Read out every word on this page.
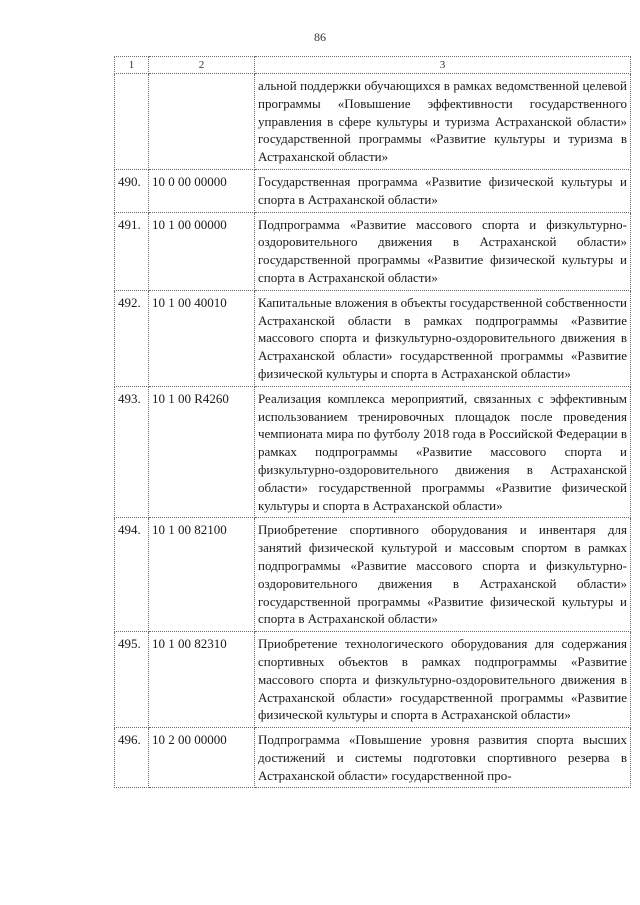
86
1	2	3
		альной поддержки обучающихся в рамках ведомственной целевой программы «Повышение эффективности государственного управления в сфере культуры и туризма Астраханской области» государственной программы «Развитие культуры и туризма в Астраханской области»
490.	10 0 00 00000	Государственная программа «Развитие физической культуры и спорта в Астраханской области»
491.	10 1 00 00000	Подпрограмма «Развитие массового спорта и физкультурно-оздоровительного движения в Астраханской области» государственной программы «Развитие физической культуры и спорта в Астраханской области»
492.	10 1 00 40010	Капитальные вложения в объекты государственной собственности Астраханской области в рамках подпрограммы «Развитие массового спорта и физкультурно-оздоровительного движения в Астраханской области» государственной программы «Развитие физической культуры и спорта в Астраханской области»
493.	10 1 00 R4260	Реализация комплекса мероприятий, связанных с эффективным использованием тренировочных площадок после проведения чемпионата мира по футболу 2018 года в Российской Федерации в рамках подпрограммы «Развитие массового спорта и физкультурно-оздоровительного движения в Астраханской области» государственной программы «Развитие физической культуры и спорта в Астраханской области»
494.	10 1 00 82100	Приобретение спортивного оборудования и инвентаря для занятий физической культурой и массовым спортом в рамках подпрограммы «Развитие массового спорта и физкультурно-оздоровительного движения в Астраханской области» государственной программы «Развитие физической культуры и спорта в Астраханской области»
495.	10 1 00 82310	Приобретение технологического оборудования для содержания спортивных объектов в рамках подпрограммы «Развитие массового спорта и физкультурно-оздоровительного движения в Астраханской области» государственной программы «Развитие физической культуры и спорта в Астраханской области»
496.	10 2 00 00000	Подпрограмма «Повышение уровня развития спорта высших достижений и системы подготовки спортивного резерва в Астраханской области» государственной про-
